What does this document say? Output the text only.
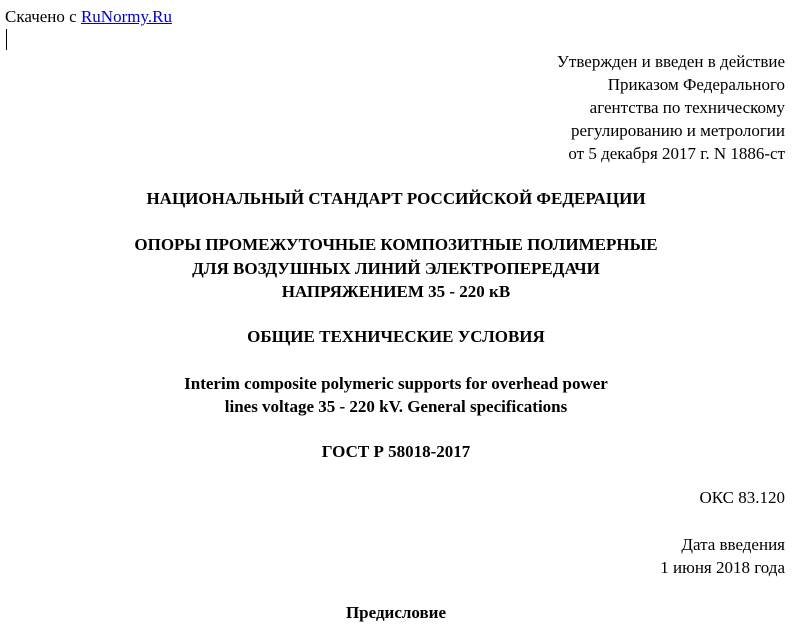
Скачено с RuNormy.Ru
Утвержден и введен в действие
Приказом Федерального
агентства по техническому
регулированию и метрологии
от 5 декабря 2017 г. N 1886-ст
НАЦИОНАЛЬНЫЙ СТАНДАРТ РОССИЙСКОЙ ФЕДЕРАЦИИ
ОПОРЫ ПРОМЕЖУТОЧНЫЕ КОМПОЗИТНЫЕ ПОЛИМЕРНЫЕ
ДЛЯ ВОЗДУШНЫХ ЛИНИЙ ЭЛЕКТРОПЕРЕДАЧИ
НАПРЯЖЕНИЕМ 35 - 220 кВ
ОБЩИЕ ТЕХНИЧЕСКИЕ УСЛОВИЯ
Interim composite polymeric supports for overhead power
lines voltage 35 - 220 kV. General specifications
ГОСТ Р 58018-2017
ОКС 83.120
Дата введения
1 июня 2018 года
Предисловие
